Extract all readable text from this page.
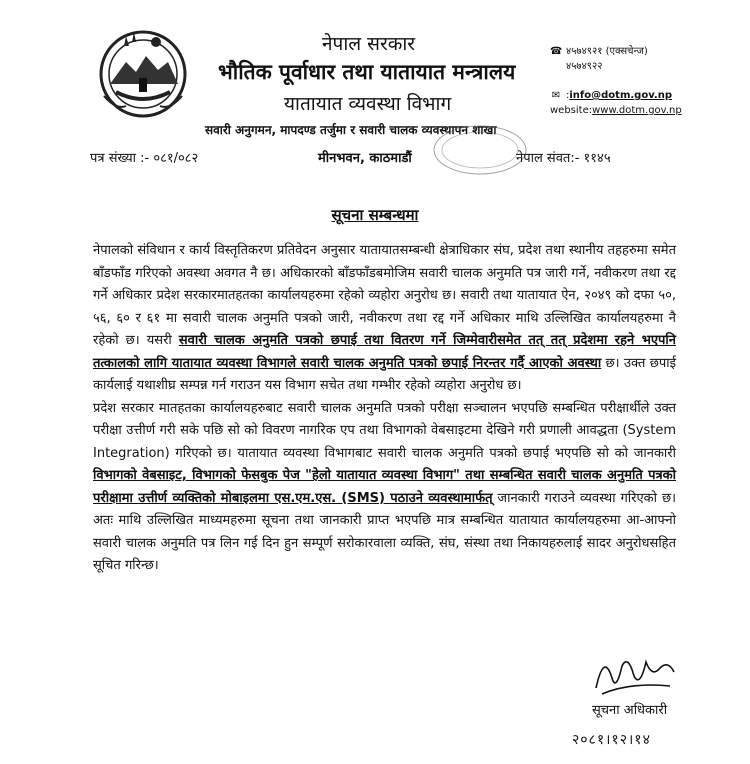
नेपाल सरकार
भौतिक पूर्वाधार तथा यातायात मन्त्रालय
यातायात व्यवस्था विभाग
सवारी अनुगमन, मापदण्ड तर्जुमा र सवारी चालक व्यवस्थापन शाखा
☎ ४५७४९२१ (एक्सचेन्ज)
४५७४९२२
✉ :info@dotm.gov.np
website:www.dotm.gov.np
पत्र संख्या :- ०८१/०८२	मीनभवन, काठमाडौं	नेपाल संवत:- ११४५
सूचना सम्बन्धमा

नेपालको संविधान र कार्य विस्तृतिकरण प्रतिवेदन अनुसार यातायातसम्बन्धी क्षेत्राधिकार संघ, प्रदेश तथा स्थानीय तहहरुमा समेत बाँडफाँड गरिएको अवस्था अवगत नै छ। अधिकारको बाँडफाँडबमोजिम सवारी चालक अनुमति पत्र जारी गर्ने, नवीकरण तथा रद्द गर्ने अधिकार प्रदेश सरकारमातहतका कार्यालयहरुमा रहेको व्यहोरा अनुरोध छ। सवारी तथा यातायात ऐन, २०४९ को दफा ५०, ५६, ६० र ६१ मा सवारी चालक अनुमति पत्रको जारी, नवीकरण तथा रद्द गर्ने अधिकार माथि उल्लिखित कार्यालयहरुमा नै रहेको छ। यसरी सवारी चालक अनुमति पत्रको छपाई तथा वितरण गर्ने जिम्मेवारीसमेत तत् तत् प्रदेशमा रहने भएपनि तत्कालको लागि यातायात व्यवस्था विभागले सवारी चालक अनुमति पत्रको छपाई निरन्तर गर्दै आएको अवस्था छ। उक्त छपाई कार्यलाई यथाशीघ्र सम्पन्न गर्न गराउन यस विभाग सचेत तथा गम्भीर रहेको व्यहोरा अनुरोध छ।

प्रदेश सरकार मातहतका कार्यालयहरुबाट सवारी चालक अनुमति पत्रको परीक्षा सञ्चालन भएपछि सम्बन्धित परीक्षार्थीले उक्त परीक्षा उत्तीर्ण गरी सके पछि सो को विवरण नागरिक एप तथा विभागको वेबसाइटमा देखिने गरी प्रणाली आवद्धता (System Integration) गरिएको छ। यातायात व्यवस्था विभागबाट सवारी चालक अनुमति पत्रको छपाई भएपछि सो को जानकारी विभागको वेबसाइट, विभागको फेसबुक पेज "हेलो यातायात व्यवस्था विभाग" तथा सम्बन्धित सवारी चालक अनुमति पत्रको परीक्षामा उत्तीर्ण व्यक्तिको मोबाइलमा एस.एम.एस. (SMS) पठाउने व्यवस्थामार्फत् जानकारी गराउने व्यवस्था गरिएको छ। अतः माथि उल्लिखित माध्यमहरुमा सूचना तथा जानकारी प्राप्त भएपछि मात्र सम्बन्धित यातायात कार्यालयहरुमा आ-आफ्नो सवारी चालक अनुमति पत्र लिन गई दिन हुन सम्पूर्ण सरोकारवाला व्यक्ति, संघ, संस्था तथा निकायहरुलाई सादर अनुरोधसहित सूचित गरिन्छ।

सूचना अधिकारी
२०८१।१२।१४
